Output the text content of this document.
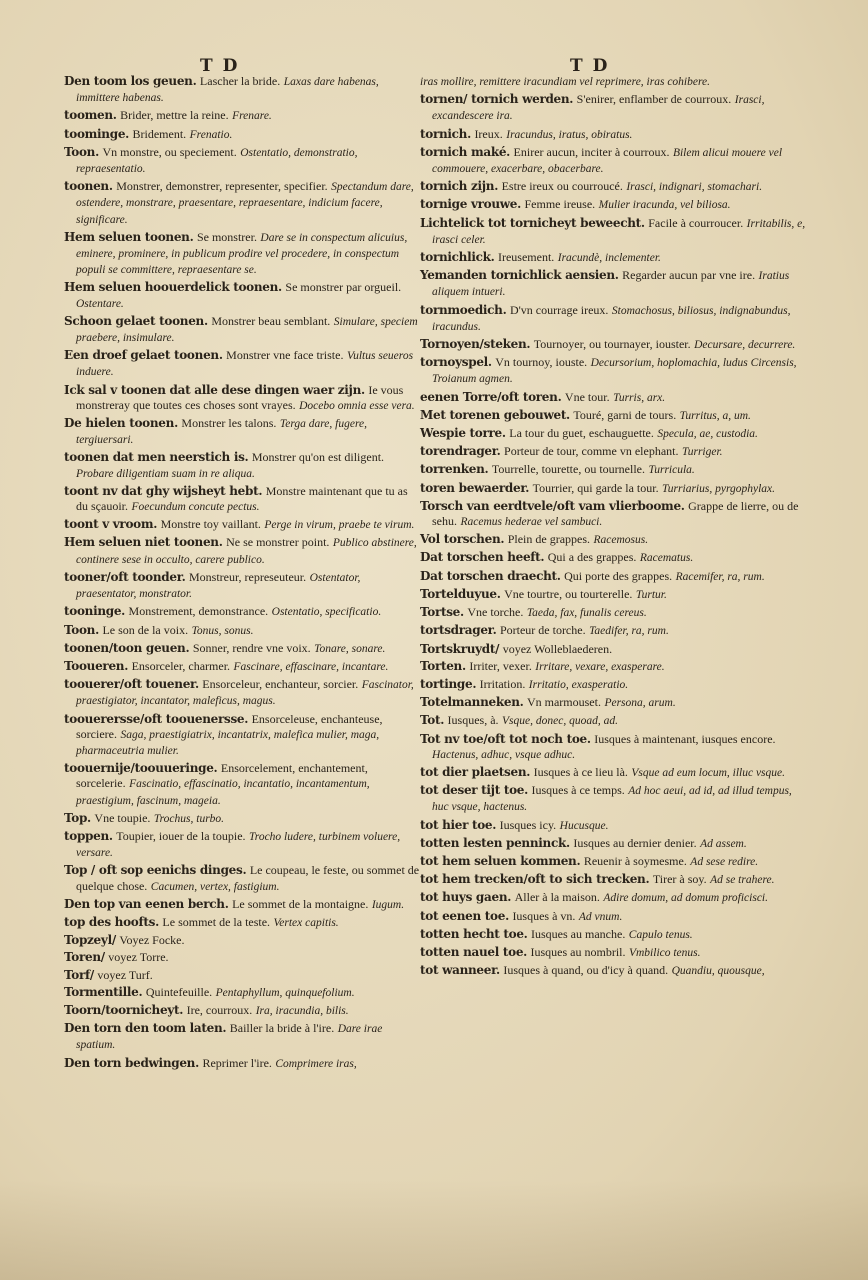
T D	T D

Den toom los geuen. Lascher la bride. Laxas dare habenas, immittere habenas.

toomen. Brider, mettre la reine. Frenare.

toominge. Bridement. Frenatio.

Toon. Vn monstre, ou speciement. Ostentatio, demonstratio, repraesentatio.

toonen. Monstrer, demonstrer, representer, specifier. Spectandum dare, ostendere, monstrare, praesentare, repraesentare, indicium facere, significare.

Hem seluen toonen. Se monstrer. Dare se in conspectum alicuius, eminere, prominere, in publicum prodire vel procedere, in conspectum populi se committere, repraesentare se.

Hem seluen hoouerdelick toonen. Se monstrer par orgueil. Ostentare.

Schoon gelaet toonen. Monstrer beau semblant. Simulare, speciem praebere, insimulare.

Een droef gelaet toonen. Monstrer vne face triste. Vultus seueros induere.

Ick sal v toonen dat alle dese dingen waer zijn. Ie vous monstreray que toutes ces choses sont vrayes. Docebo omnia esse vera.

De hielen toonen. Monstrer les talons. Terga dare, fugere, tergiuersari.

toonen dat men neerstich is. Monstrer qu'on est diligent. Probare diligentiam suam in re aliqua.

toont nv dat ghy wijsheyt hebt. Monstre maintenant que tu as du sçauoir. Foecundum concute pectus.

toont v vroom. Monstre toy vaillant. Perge in virum, praebe te virum.

Hem seluen niet toonen. Ne se monstrer point. Publico abstinere, continere sese in occulto, carere publico.

tooner/oft toonder. Monstreur, represeuteur. Ostentator, praesentator, monstrator.

tooninge. Monstrement, demonstrance. Ostentatio, specificatio.

Toon. Le son de la voix. Tonus, sonus.

toonen/toon geuen. Sonner, rendre vne voix. Tonare, sonare.

Tooueren. Ensorceler, charmer. Fascinare, effascinare, incantare.

toouerer/oft touener. Ensorceleur, enchanteur, sorcier. Fascinator, praestigiator, incantator, maleficus, magus.

toouerersse/oft toouenersse. Ensorceleuse, enchanteuse, sorciere. Saga, praestigiatrix, incantatrix, malefica mulier, maga, pharmaceutria mulier.

toouernije/toouueringe. Ensorcelement, enchantement, sorcelerie. Fascinatio, effascinatio, incantatio, incantamentum, praestigium, fascinum, mageia.

Top. Vne toupie. Trochus, turbo.

toppen. Toupier, iouer de la toupie. Trocho ludere, turbinem voluere, versare.

Top / oft sop eenichs dinges. Le coupeau, le feste, ou sommet de quelque chose. Cacumen, vertex, fastigium.

Den top van eenen berch. Le sommet de la montaigne. Iugum.

top des hoofts. Le sommet de la teste. Vertex capitis.

Topzeyl/ Voyez Focke.

Toren/ voyez Torre.

Torf/ voyez Turf.

Tormentille. Quintefeuille. Pentaphyllum, quinquefolium.

Toorn/toornicheyt. Ire, courroux. Ira, iracundia, bilis.

Den torn den toom laten. Bailler la bride à l'ire. Dare irae spatium.

Den torn bedwingen. Reprimer l'ire. Comprimere iras,

iras mollire, remittere iracundiam vel reprimere, iras cohibere.

tornen/ tornich werden. S'enirer, enflamber de courroux. Irasci, excandescere ira.

tornich. Ireux. Iracundus, iratus, obiratus.

tornich maké. Enirer aucun, inciter à courroux. Bilem alicui mouere vel commouere, exacerbare, obacerbare.

tornich zijn. Estre ireux ou courroucé. Irasci, indignari, stomachari.

tornige vrouwe. Femme ireuse. Mulier iracunda, vel biliosa.

Lichtelick tot tornicheyt beweecht. Facile à courroucer. Irritabilis, e, irasci celer.

tornichlick. Ireusement. Iracundè, inclementer.

Yemanden tornichlick aensien. Regarder aucun par vne ire. Iratius aliquem intueri.

tornmoedich. D'vn courrage ireux. Stomachosus, biliosus, indignabundus, iracundus.

Tornoyen/steken. Tournoyer, ou tournayer, iouster. Decursare, decurrere.

tornoyspel. Vn tournoy, iouste. Decursorium, hoplomachia, ludus Circensis, Troianum agmen.

eenen Torre/oft toren. Vne tour. Turris, arx.

Met torenen gebouwet. Touré, garni de tours. Turritus, a, um.

Wespie torre. La tour du guet, eschauguette. Specula, ae, custodia.

torendrager. Porteur de tour, comme vn elephant. Turriger.

torrenken. Tourrelle, tourette, ou tournelle. Turricula.

toren bewaerder. Tourrier, qui garde la tour. Turriarius, pyrgophylax.

Torsch van eerdtvele/oft vam vlierboome. Grappe de lierre, ou de sehu. Racemus hederae vel sambuci.

Vol torschen. Plein de grappes. Racemosus.

Dat torschen heeft. Qui a des grappes. Racematus.

Dat torschen draecht. Qui porte des grappes. Racemifer, ra, rum.

Tortelduyue. Vne tourtre, ou tourterelle. Turtur.

Tortse. Vne torche. Taeda, fax, funalis cereus.

tortsdrager. Porteur de torche. Taedifer, ra, rum.

Tortskruydt/ voyez Wolleblaederen.

Torten. Irriter, vexer. Irritare, vexare, exasperare.

tortinge. Irritation. Irritatio, exasperatio.

Totelmanneken. Vn marmouset. Persona, arum.

Tot. Iusques, à. Vsque, donec, quoad, ad.

Tot nv toe/oft tot noch toe. Iusques à maintenant, iusques encore. Hactenus, adhuc, vsque adhuc.

tot dier plaetsen. Iusques à ce lieu là. Vsque ad eum locum, illuc vsque.

tot deser tijt toe. Iusques à ce temps. Ad hoc aeui, ad id, ad illud tempus, huc vsque, hactenus.

tot hier toe. Iusques icy. Hucusque.

totten lesten penninck. Iusques au dernier denier. Ad assem.

tot hem seluen kommen. Reuenir à soymesme. Ad sese redire.

tot hem trecken/oft to sich trecken. Tirer à soy. Ad se trahere.

tot huys gaen. Aller à la maison. Adire domum, ad domum proficisci.

tot eenen toe. Iusques à vn. Ad vnum.

totten hecht toe. Iusques au manche. Capulo tenus.

totten nauel toe. Iusques au nombril. Vmbilico tenus.

tot wanneer. Iusques à quand, ou d'icy à quand. Quandiu, quousque,
